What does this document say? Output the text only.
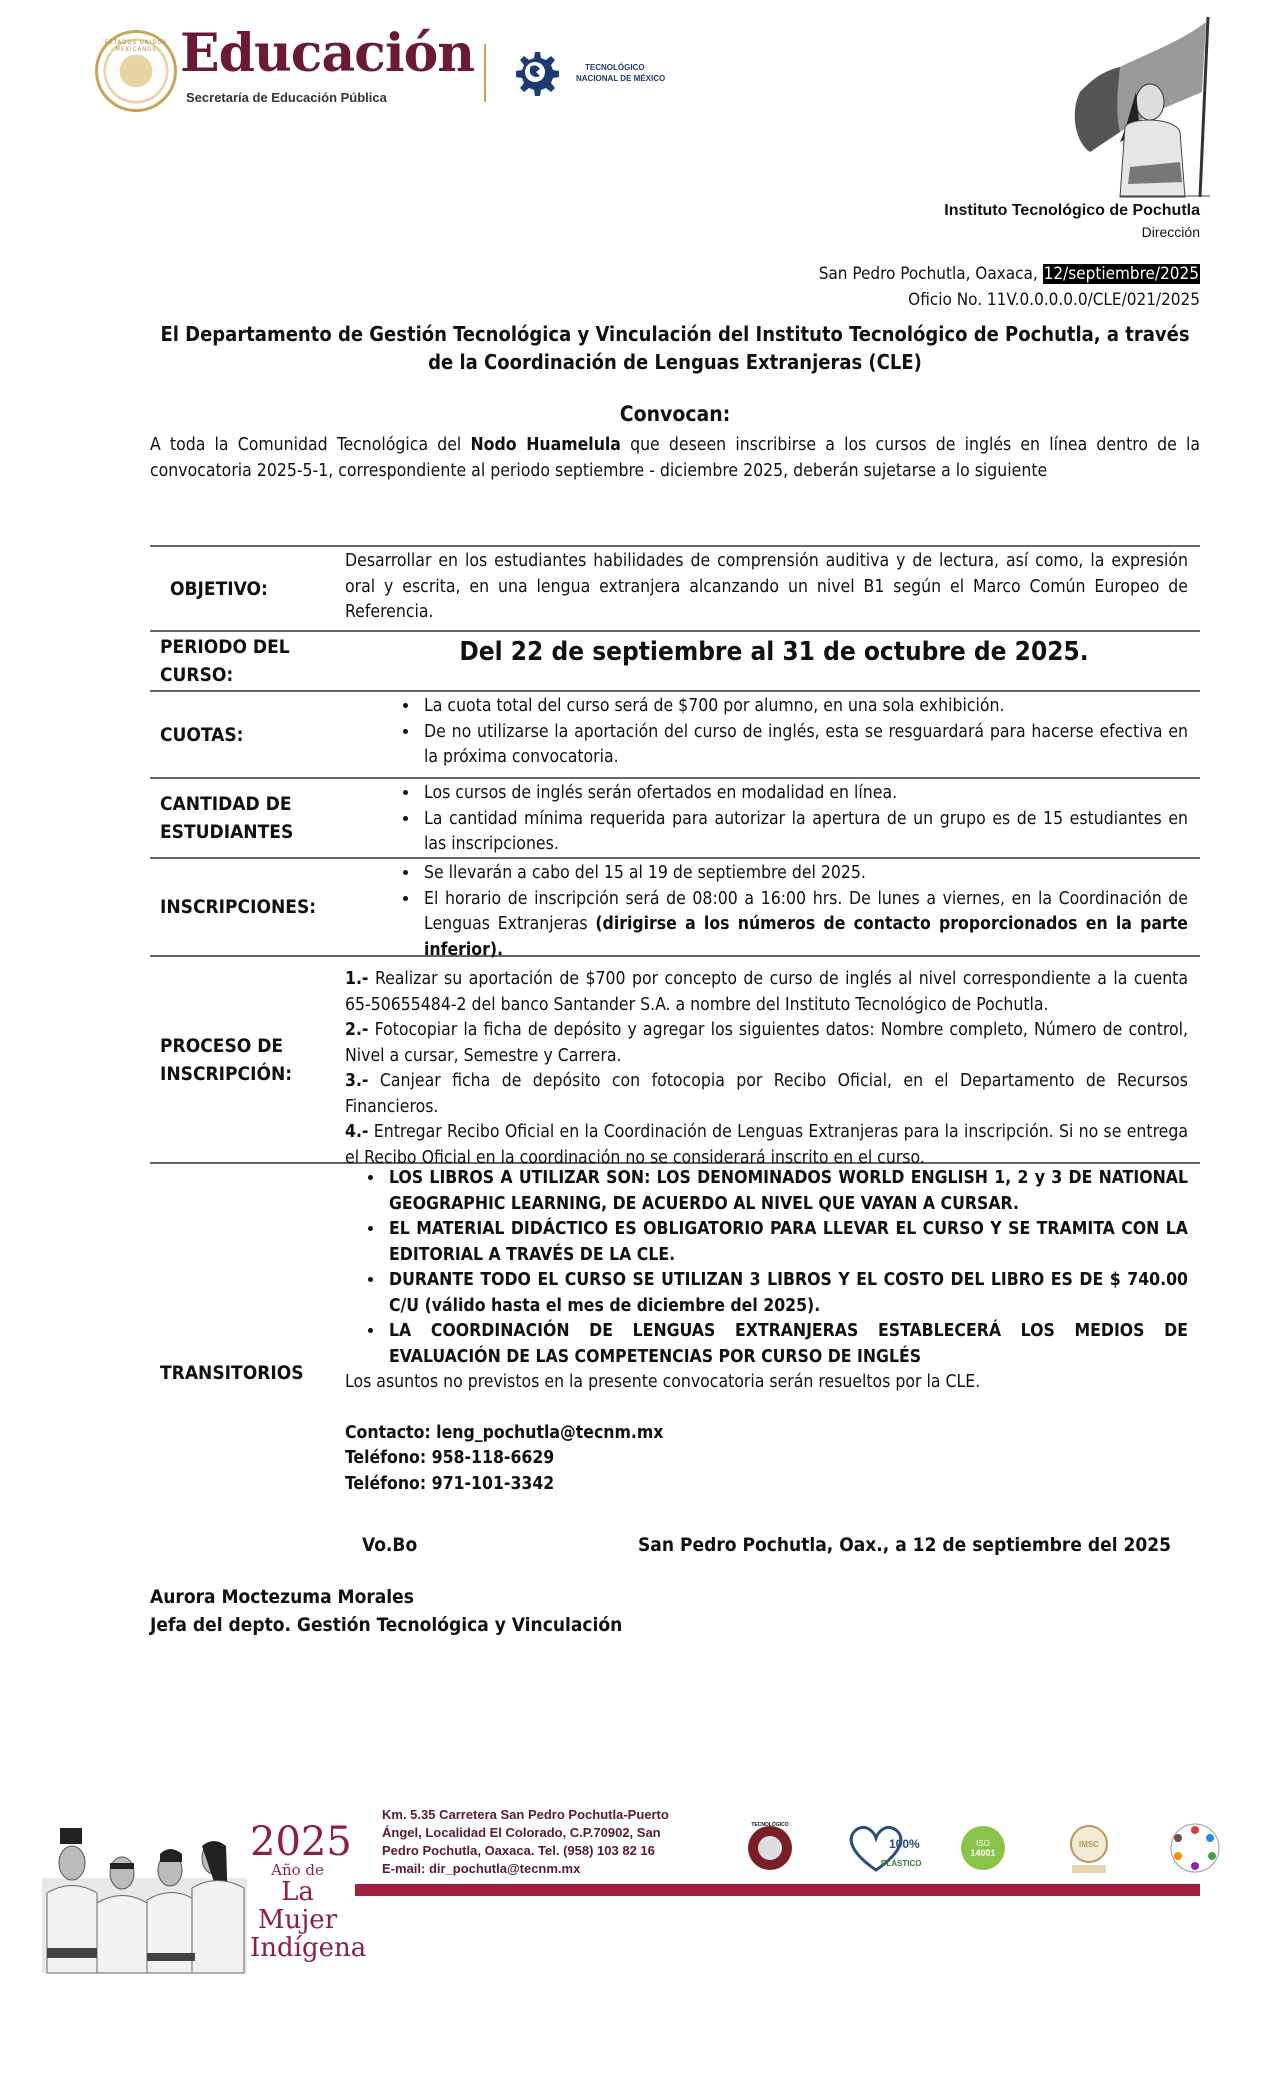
ESTADOS UNIDOS MEXICANOS Educación
Secretaría de Educación Pública
TECNOLÓGICO
NACIONAL DE MÉXICO
Instituto Tecnológico de Pochutla
Dirección
San Pedro Pochutla, Oaxaca, 12/septiembre/2025
Oficio No. 11V.0.0.0.0.0/CLE/021/2025
El Departamento de Gestión Tecnológica y Vinculación del Instituto Tecnológico de Pochutla, a través de la Coordinación de Lenguas Extranjeras (CLE)
Convocan:
A toda la Comunidad Tecnológica del Nodo Huamelula que deseen inscribirse a los cursos de inglés en línea dentro de la convocatoria 2025-5-1, correspondiente al periodo septiembre - diciembre 2025, deberán sujetarse a lo siguiente
OBJETIVO:
Desarrollar en los estudiantes habilidades de comprensión auditiva y de lectura, así como, la expresión oral y escrita, en una lengua extranjera alcanzando un nivel B1 según el Marco Común Europeo de Referencia.
PERIODO DEL CURSO:
Del 22 de septiembre al 31 de octubre de 2025.
CUOTAS:
• La cuota total del curso será de $700 por alumno, en una sola exhibición.
• De no utilizarse la aportación del curso de inglés, esta se resguardará para hacerse efectiva en la próxima convocatoria.
CANTIDAD DE ESTUDIANTES
• Los cursos de inglés serán ofertados en modalidad en línea.
• La cantidad mínima requerida para autorizar la apertura de un grupo es de 15 estudiantes en las inscripciones.
INSCRIPCIONES:
• Se llevarán a cabo del 15 al 19 de septiembre del 2025.
• El horario de inscripción será de 08:00 a 16:00 hrs. De lunes a viernes, en la Coordinación de Lenguas Extranjeras (dirigirse a los números de contacto proporcionados en la parte inferior).
PROCESO DE INSCRIPCIÓN:
1.- Realizar su aportación de $700 por concepto de curso de inglés al nivel correspondiente a la cuenta 65-50655484-2 del banco Santander S.A. a nombre del Instituto Tecnológico de Pochutla.
2.- Fotocopiar la ficha de depósito y agregar los siguientes datos: Nombre completo, Número de control, Nivel a cursar, Semestre y Carrera.
3.- Canjear ficha de depósito con fotocopia por Recibo Oficial, en el Departamento de Recursos Financieros.
4.- Entregar Recibo Oficial en la Coordinación de Lenguas Extranjeras para la inscripción. Si no se entrega el Recibo Oficial en la coordinación no se considerará inscrito en el curso.
TRANSITORIOS
• LOS LIBROS A UTILIZAR SON: LOS DENOMINADOS WORLD ENGLISH 1, 2 y 3 DE NATIONAL GEOGRAPHIC LEARNING, DE ACUERDO AL NIVEL QUE VAYAN A CURSAR.
• EL MATERIAL DIDÁCTICO ES OBLIGATORIO PARA LLEVAR EL CURSO Y SE TRAMITA CON LA EDITORIAL A TRAVÉS DE LA CLE.
• DURANTE TODO EL CURSO SE UTILIZAN 3 LIBROS Y EL COSTO DEL LIBRO ES DE $ 740.00 C/U (válido hasta el mes de diciembre del 2025).
• LA COORDINACIÓN DE LENGUAS EXTRANJERAS ESTABLECERÁ LOS MEDIOS DE EVALUACIÓN DE LAS COMPETENCIAS POR CURSO DE INGLÉS
Los asuntos no previstos en la presente convocatoria serán resueltos por la CLE.
Contacto: leng_pochutla@tecnm.mx
Teléfono: 958-118-6629
Teléfono: 971-101-3342
Vo.Bo	San Pedro Pochutla, Oax., a 12 de septiembre del 2025
Aurora Moctezuma Morales
Jefa del depto. Gestión Tecnológica y Vinculación
2025
Año de
La Mujer
Indígena
Km. 5.35 Carretera San Pedro Pochutla-Puerto
Ángel, Localidad El Colorado, C.P.70902, San
Pedro Pochutla, Oaxaca. Tel. (958) 103 82 16
E-mail: dir_pochutla@tecnm.mx
TECNOLÓGICO
100%
PLÁSTICO
ISO
14001
IMSC
